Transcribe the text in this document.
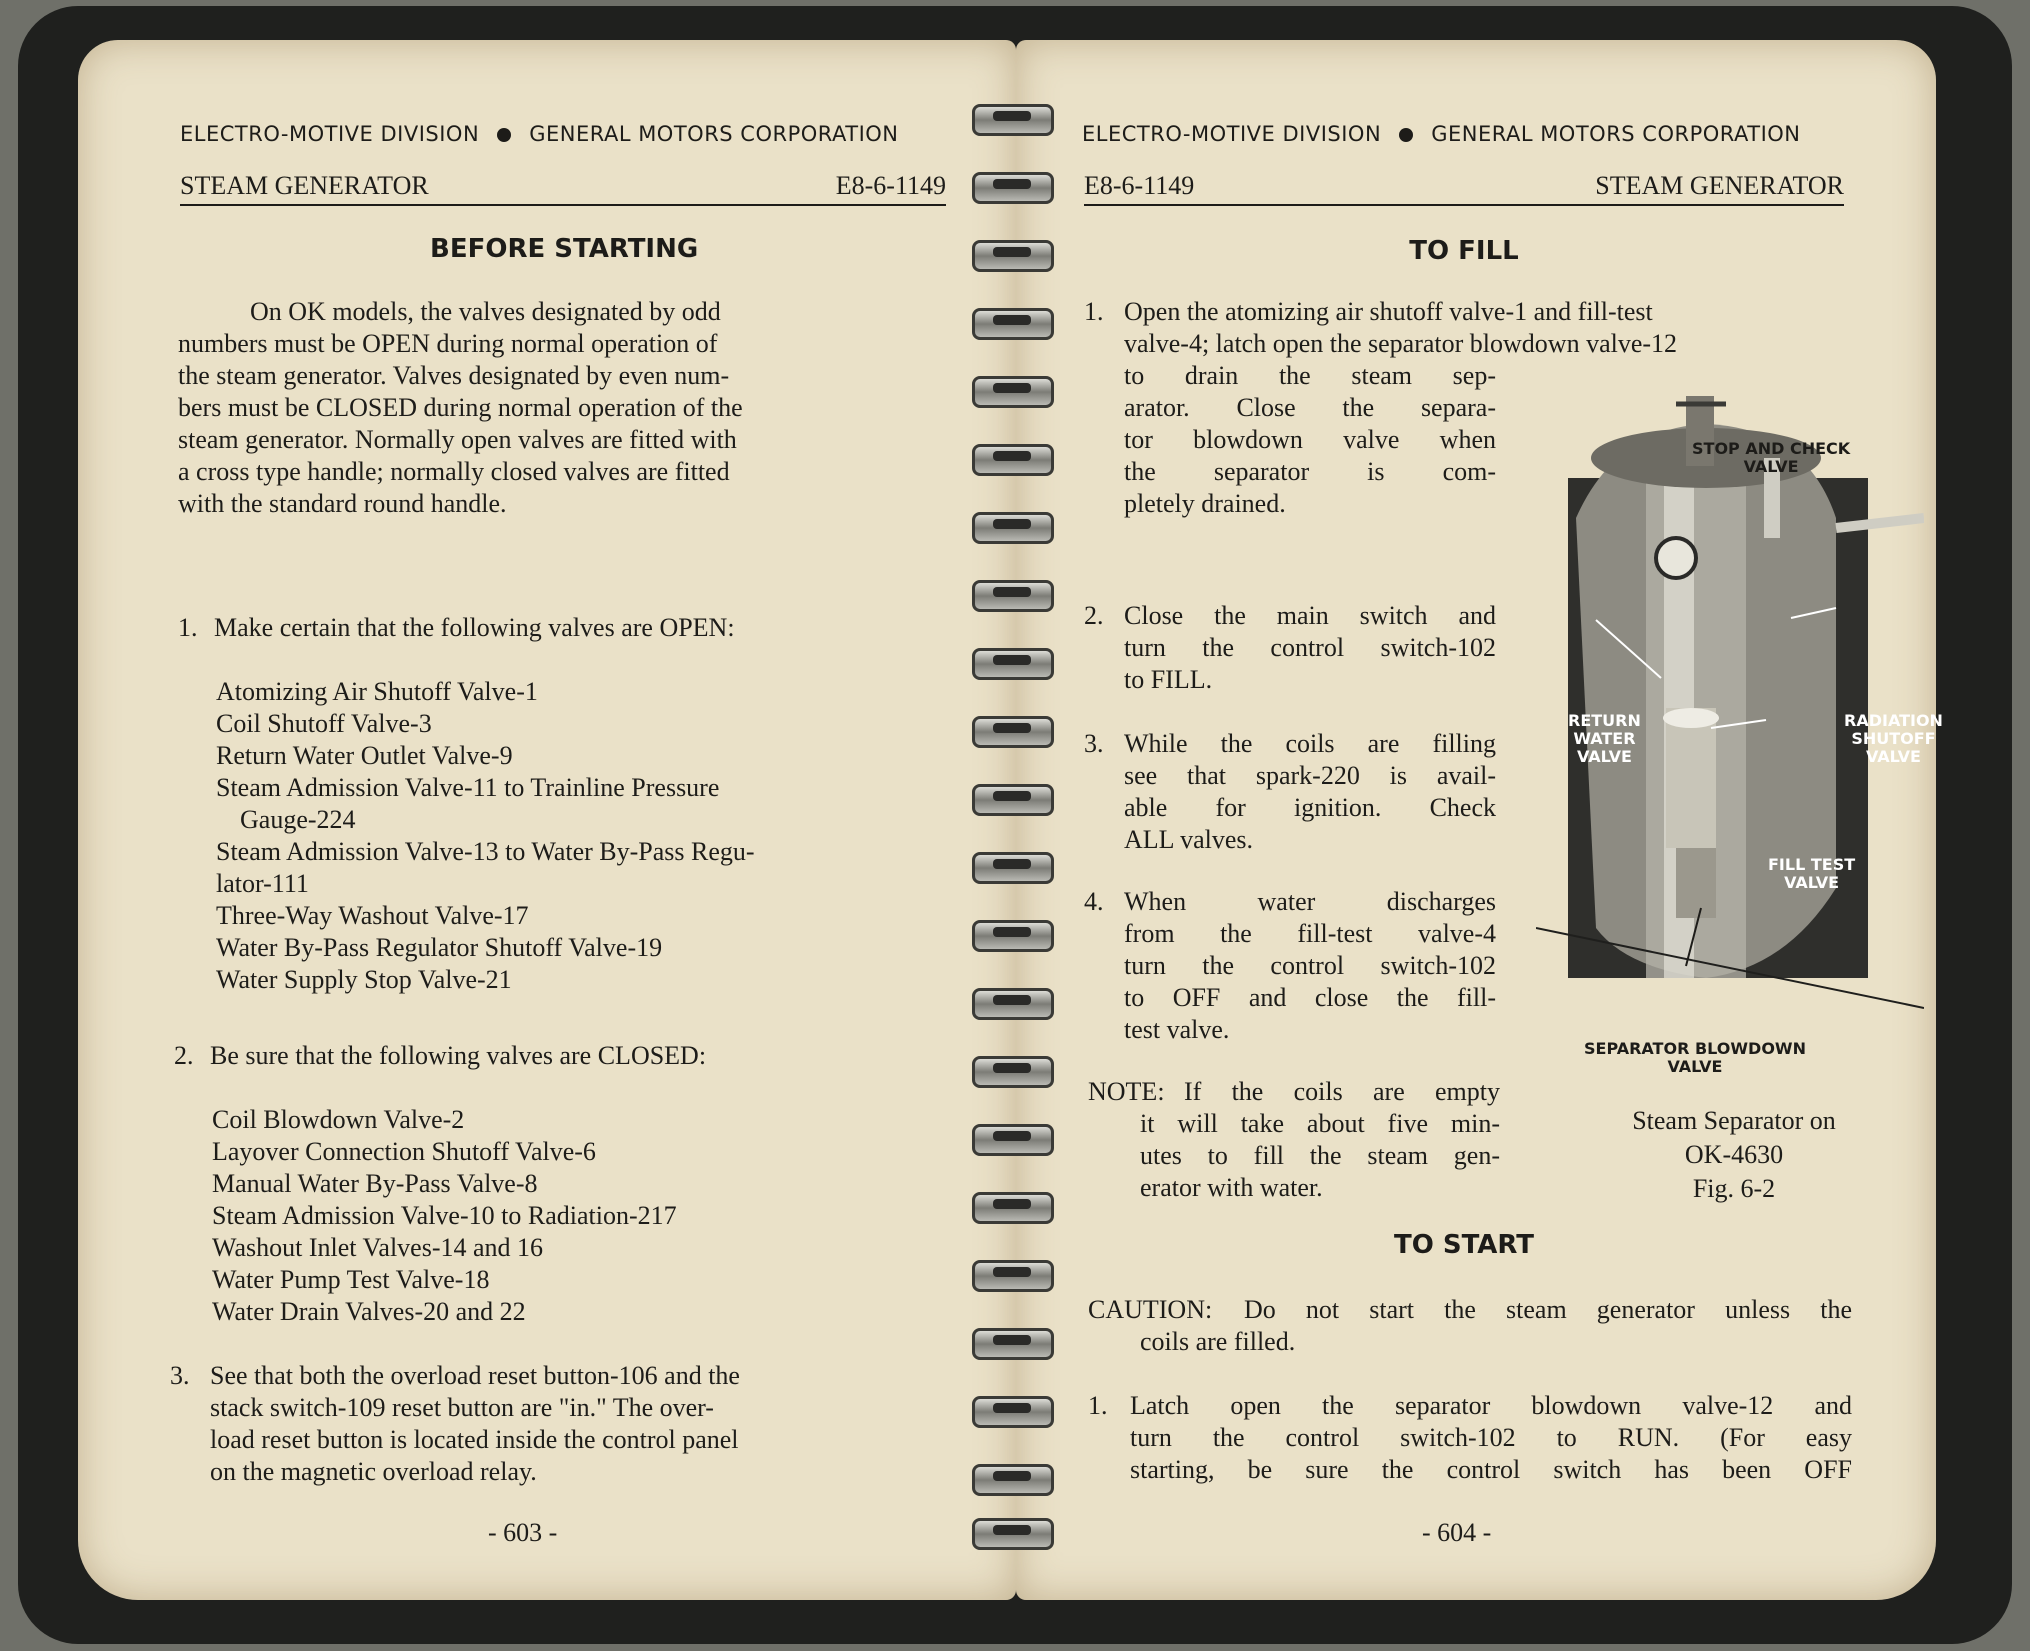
ELECTRO-MOTIVE DIVISION GENERAL MOTORS CORPORATION
STEAM GENERATOR	E8-6-1149
BEFORE STARTING
On OK models, the valves designated by odd
numbers must be OPEN during normal operation of
the steam generator. Valves designated by even num-
bers must be CLOSED during normal operation of the
steam generator. Normally open valves are fitted with
a cross type handle; normally closed valves are fitted
with the standard round handle.
1. Make certain that the following valves are OPEN:
Atomizing Air Shutoff Valve-1
Coil Shutoff Valve-3
Return Water Outlet Valve-9
Steam Admission Valve-11 to Trainline Pressure
Gauge-224
Steam Admission Valve-13 to Water By-Pass Regu-
lator-111
Three-Way Washout Valve-17
Water By-Pass Regulator Shutoff Valve-19
Water Supply Stop Valve-21
2. Be sure that the following valves are CLOSED:
Coil Blowdown Valve-2
Layover Connection Shutoff Valve-6
Manual Water By-Pass Valve-8
Steam Admission Valve-10 to Radiation-217
Washout Inlet Valves-14 and 16
Water Pump Test Valve-18
Water Drain Valves-20 and 22
3. See that both the overload reset button-106 and the
stack switch-109 reset button are "in." The over-
load reset button is located inside the control panel
on the magnetic overload relay.
- 603 -
ELECTRO-MOTIVE DIVISION GENERAL MOTORS CORPORATION
E8-6-1149	STEAM GENERATOR
TO FILL
1. Open the atomizing air shutoff valve-1 and fill-test
valve-4; latch open the separator blowdown valve-12
to drain the steam sep-
arator. Close the separa-
tor blowdown valve when
the separator is com-
pletely drained.
2. Close the main switch and
turn the control switch-102
to FILL.
3. While the coils are filling
see that spark-220 is avail-
able for ignition. Check
ALL valves.
4. When water discharges
from the fill-test valve-4
turn the control switch-102
to OFF and close the fill-
test valve.
NOTE: If the coils are empty
it will take about five min-
utes to fill the steam gen-
erator with water.
STOP AND CHECK
VALVE
RETURN
WATER
VALVE
RADIATION
SHUTOFF
VALVE
FILL TEST
VALVE
SEPARATOR BLOWDOWN
VALVE
Steam Separator on
OK-4630
Fig. 6-2
TO START
CAUTION:	Do not start the steam generator unless the
coils are filled.
1. Latch open the separator blowdown valve-12 and
turn the control switch-102 to RUN. (For easy
starting, be sure the control switch has been OFF
- 604 -
